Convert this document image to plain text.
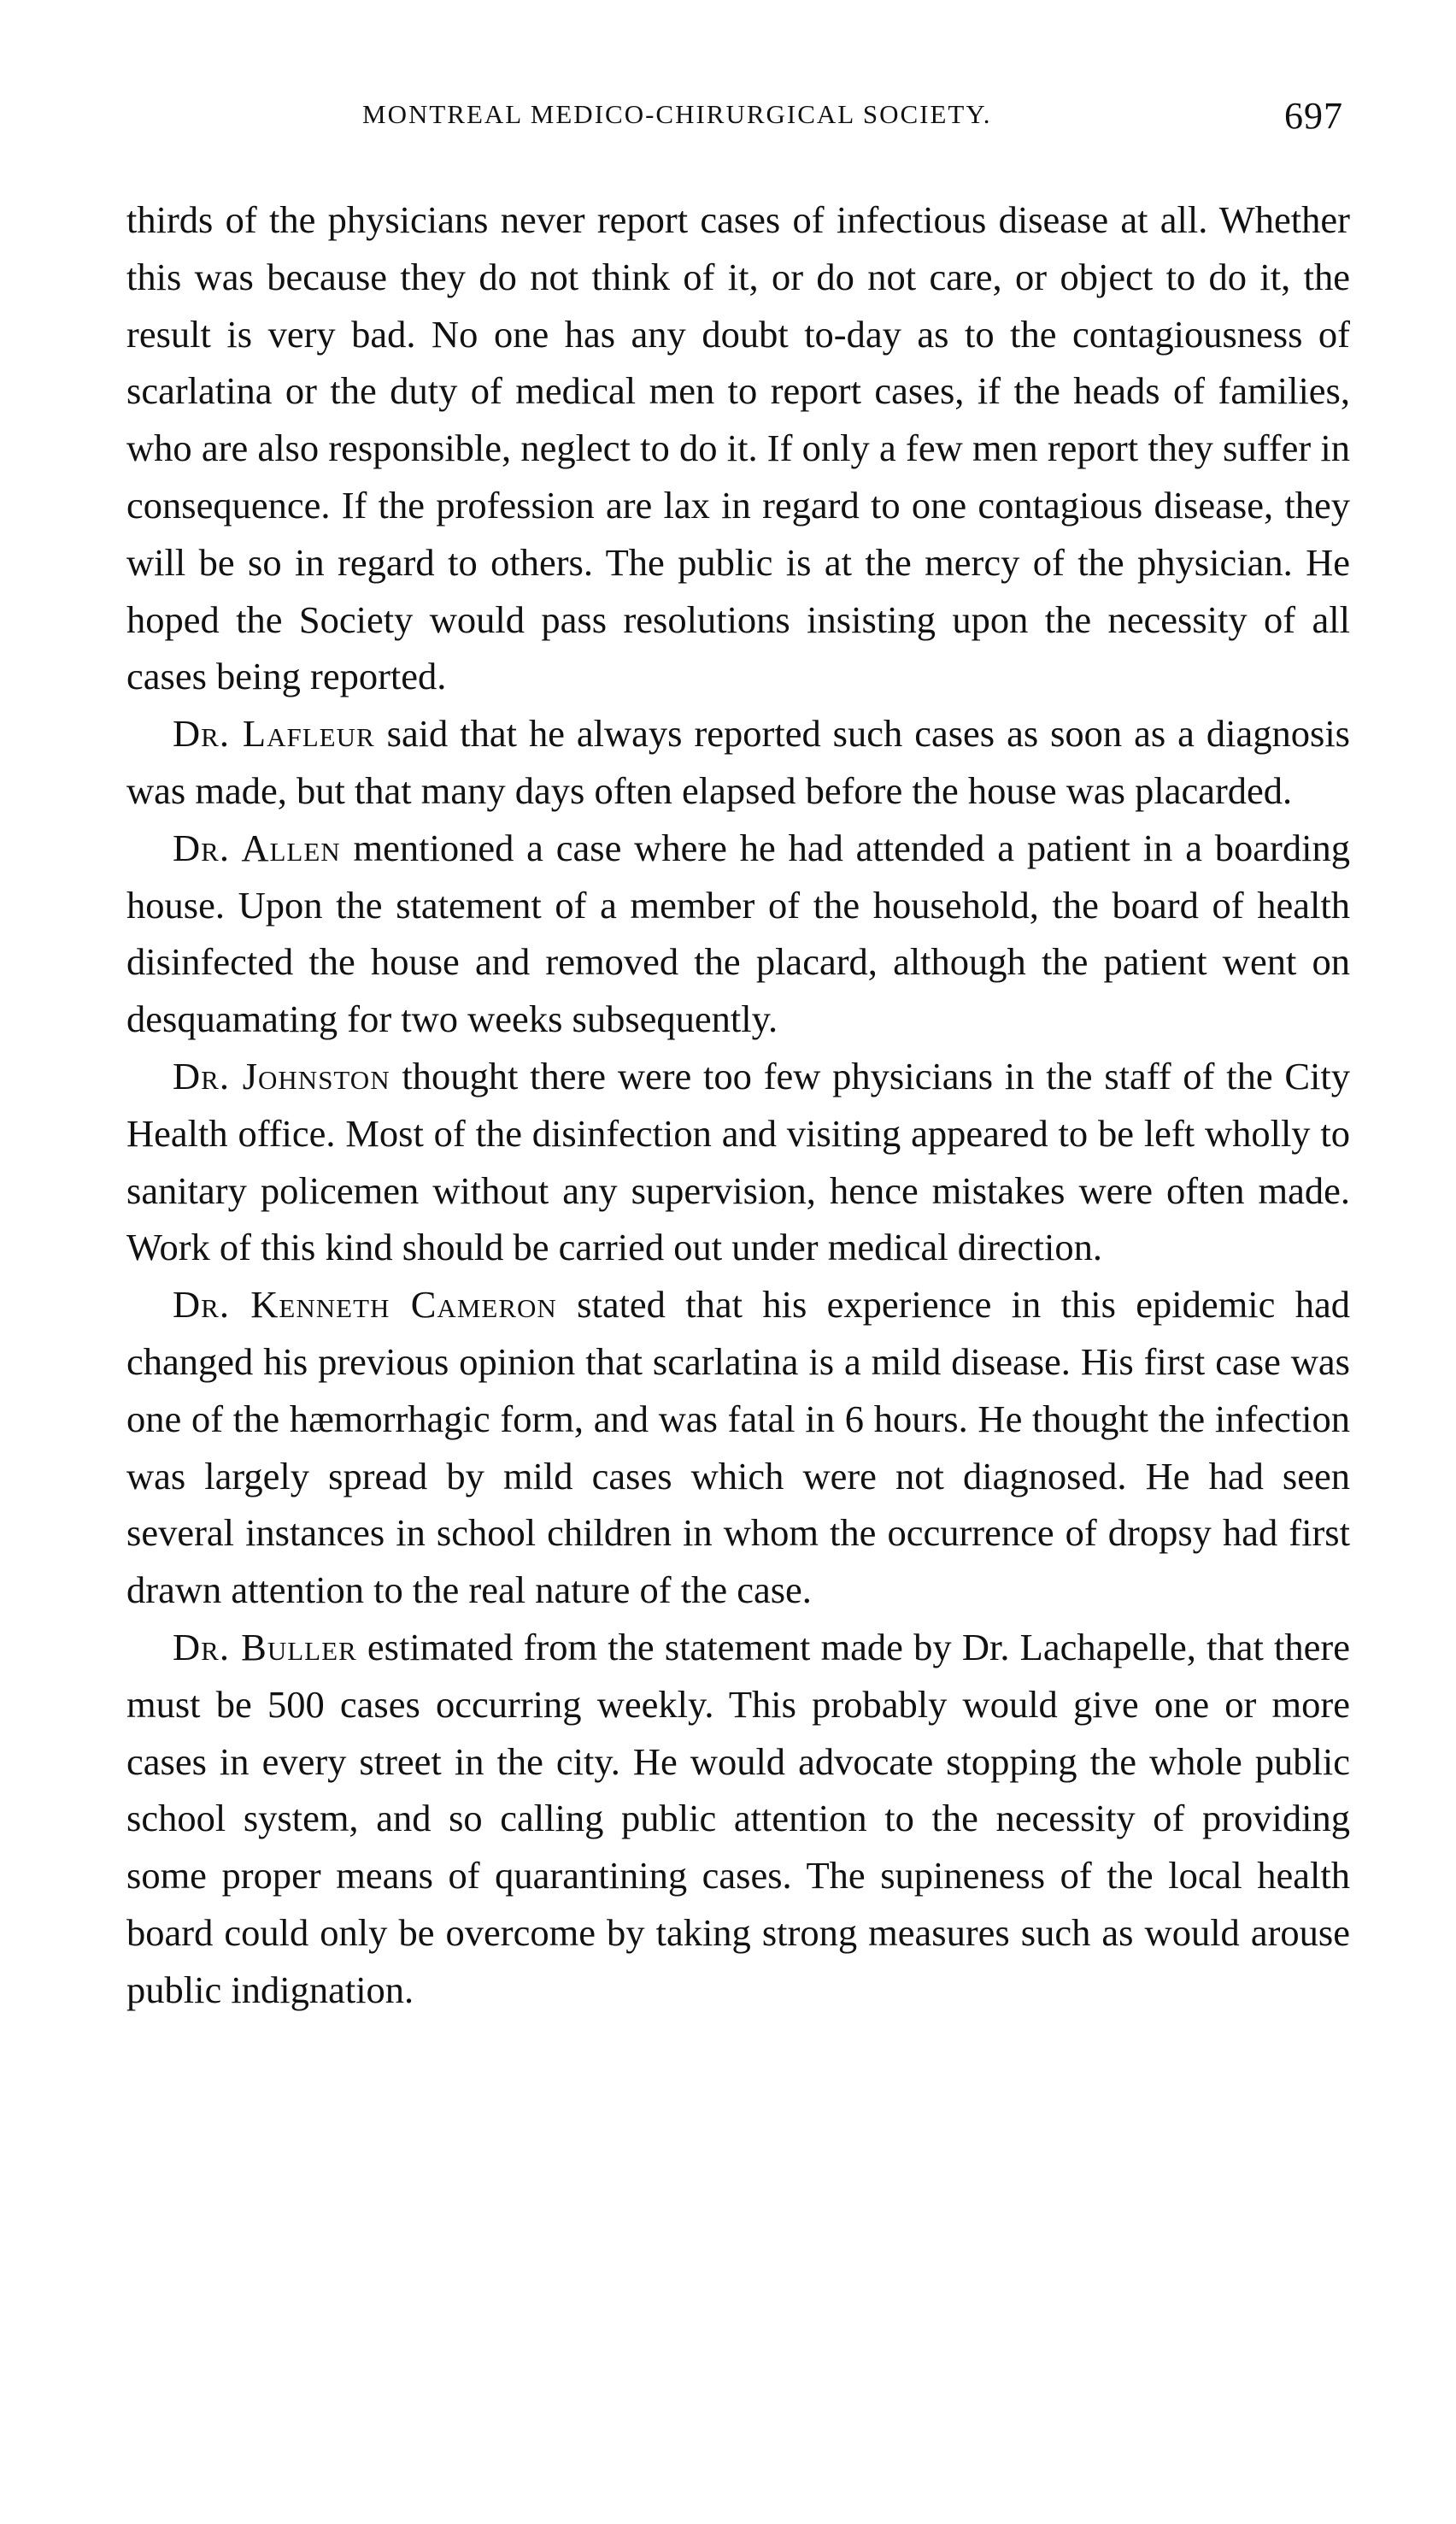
MONTREAL MEDICO-CHIRURGICAL SOCIETY.	697

thirds of the physicians never report cases of infectious disease at all. Whether this was because they do not think of it, or do not care, or object to do it, the result is very bad. No one has any doubt to-day as to the contagiousness of scarlatina or the duty of medical men to report cases, if the heads of families, who are also responsible, neglect to do it. If only a few men report they suffer in consequence. If the profession are lax in regard to one contagious disease, they will be so in regard to others. The public is at the mercy of the physician. He hoped the Society would pass resolutions insisting upon the necessity of all cases being reported.

Dr. Lafleur said that he always reported such cases as soon as a diagnosis was made, but that many days often elapsed before the house was placarded.

Dr. Allen mentioned a case where he had attended a patient in a boarding house. Upon the statement of a member of the household, the board of health disinfected the house and removed the placard, although the patient went on desquamating for two weeks subsequently.

Dr. Johnston thought there were too few physicians in the staff of the City Health office. Most of the disinfection and visiting appeared to be left wholly to sanitary policemen without any supervision, hence mistakes were often made. Work of this kind should be carried out under medical direction.

Dr. Kenneth Cameron stated that his experience in this epidemic had changed his previous opinion that scarlatina is a mild disease. His first case was one of the hæmorrhagic form, and was fatal in 6 hours. He thought the infection was largely spread by mild cases which were not diagnosed. He had seen several instances in school children in whom the occurrence of dropsy had first drawn attention to the real nature of the case.

Dr. Buller estimated from the statement made by Dr. Lachapelle, that there must be 500 cases occurring weekly. This probably would give one or more cases in every street in the city. He would advocate stopping the whole public school system, and so calling public attention to the necessity of providing some proper means of quarantining cases. The supineness of the local health board could only be overcome by taking strong measures such as would arouse public indignation.
